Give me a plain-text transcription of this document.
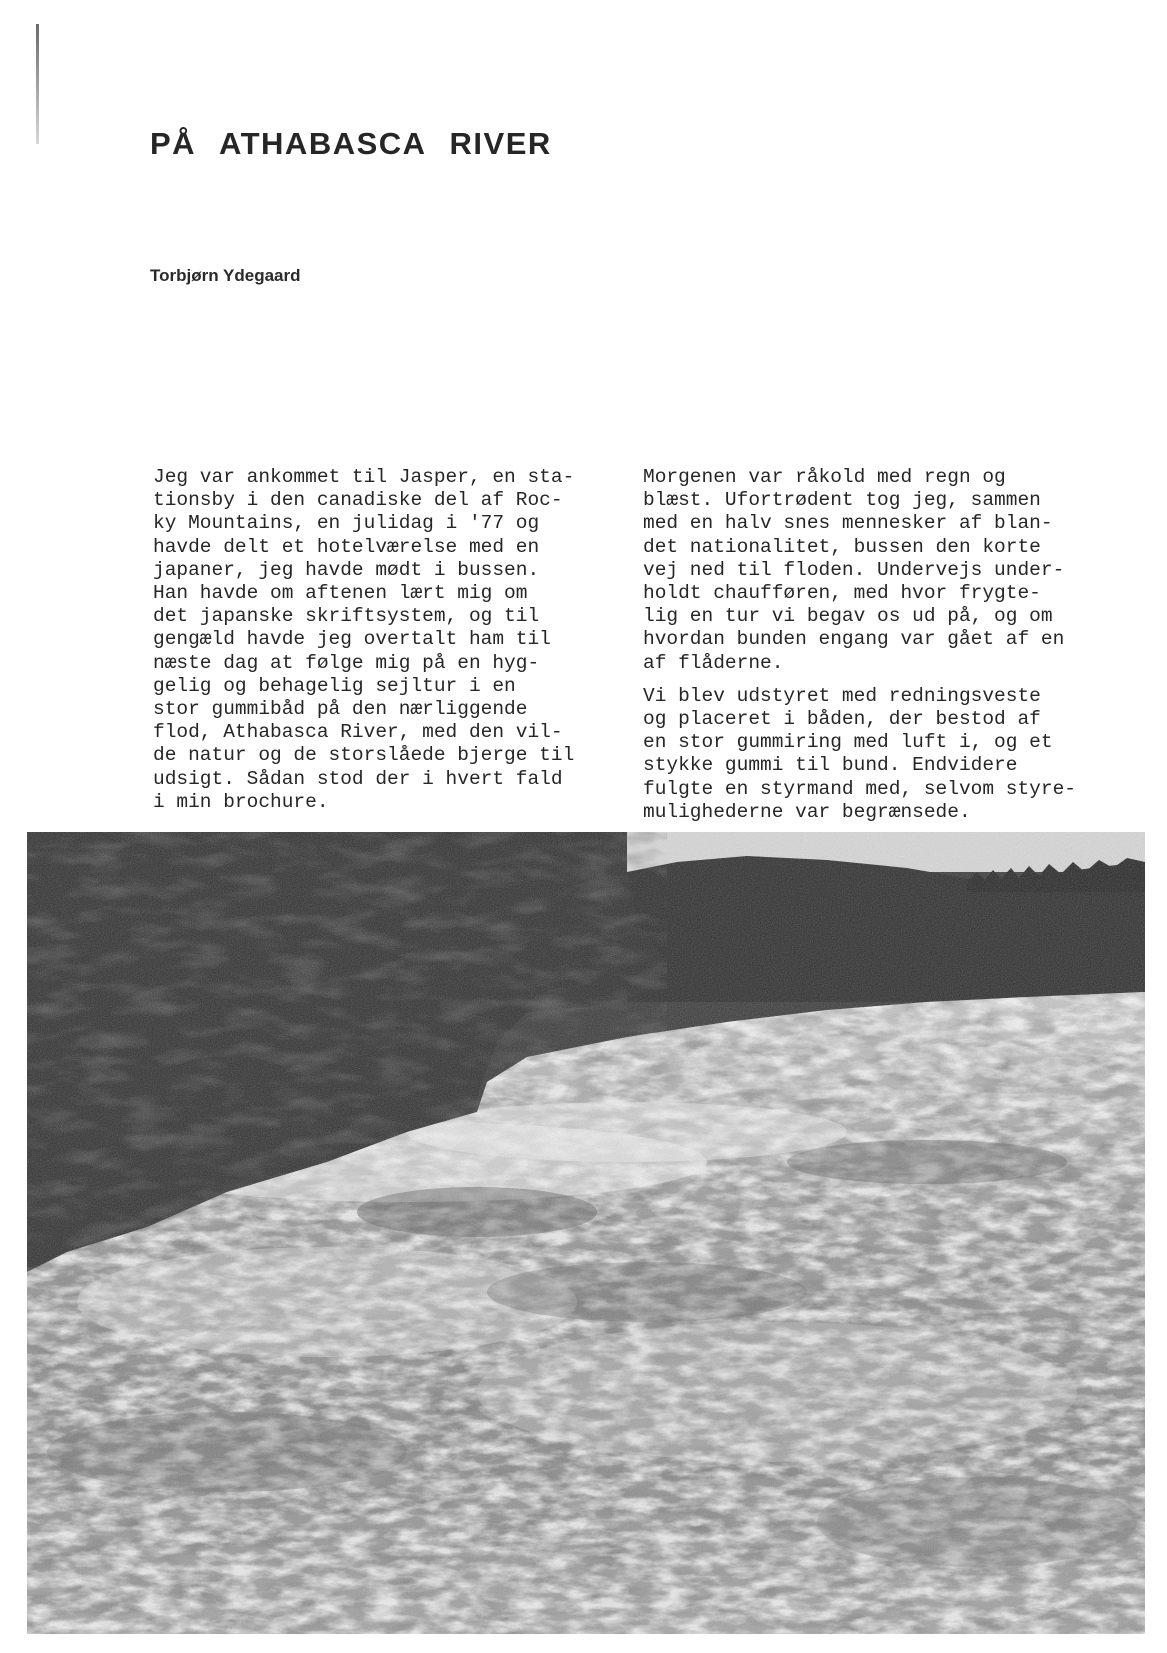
PÅ ATHABASCA RIVER
Torbjørn Ydegaard

Jeg var ankommet til Jasper, en sta-
tionsby i den canadiske del af Roc-
ky Mountains, en julidag i '77 og
havde delt et hotelværelse med en
japaner, jeg havde mødt i bussen.
Han havde om aftenen lært mig om
det japanske skriftsystem, og til
gengæld havde jeg overtalt ham til
næste dag at følge mig på en hyg-
gelig og behagelig sejltur i en
stor gummibåd på den nærliggende
flod, Athabasca River, med den vil-
de natur og de storslåede bjerge til
udsigt. Sådan stod der i hvert fald
i min brochure.

Morgenen var råkold med regn og
blæst. Ufortrødent tog jeg, sammen
med en halv snes mennesker af blan-
det nationalitet, bussen den korte
vej ned til floden. Undervejs under-
holdt chaufføren, med hvor frygte-
lig en tur vi begav os ud på, og om
hvordan bunden engang var gået af en
af flåderne.

Vi blev udstyret med redningsveste
og placeret i båden, der bestod af
en stor gummiring med luft i, og et
stykke gummi til bund. Endvidere
fulgte en styrmand med, selvom styre-
mulighederne var begrænsede.
